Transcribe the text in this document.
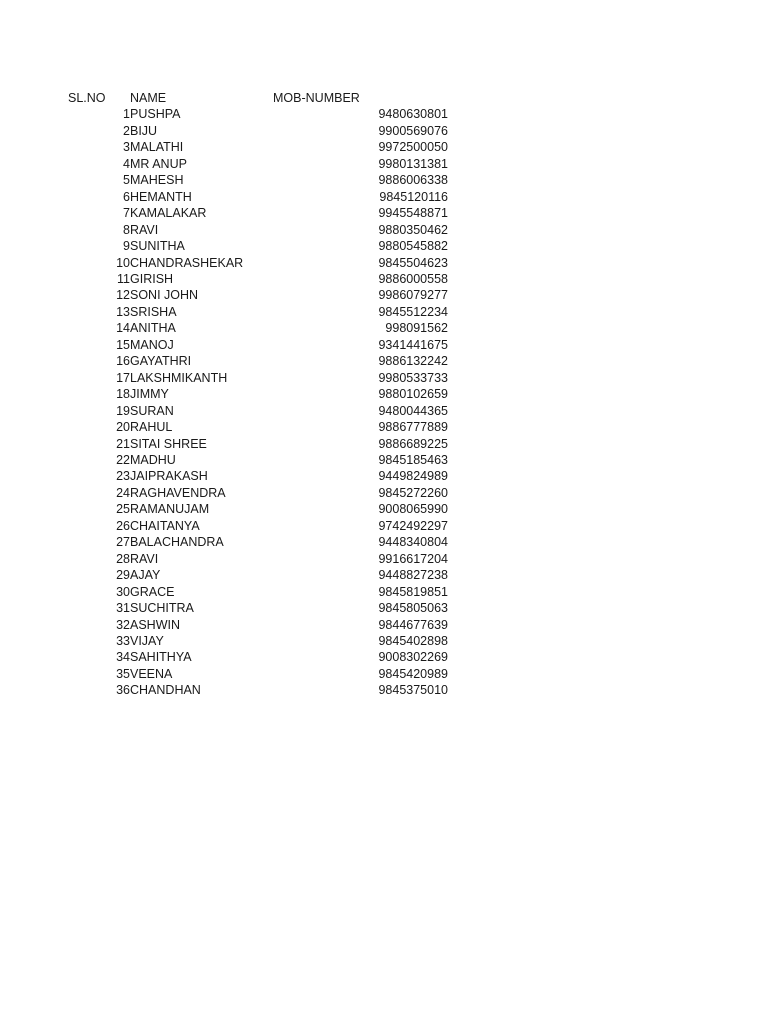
SL.NO	NAME	MOB-NUMBER
1	PUSHPA	9480630801
2	BIJU	9900569076
3	MALATHI	9972500050
4	MR ANUP	9980131381
5	MAHESH	9886006338
6	HEMANTH	9845120116
7	KAMALAKAR	9945548871
8	RAVI	9880350462
9	SUNITHA	9880545882
10	CHANDRASHEKAR	9845504623
11	GIRISH	9886000558
12	SONI JOHN	9986079277
13	SRISHA	9845512234
14	ANITHA	998091562
15	MANOJ	9341441675
16	GAYATHRI	9886132242
17	LAKSHMIKANTH	9980533733
18	JIMMY	9880102659
19	SURAN	9480044365
20	RAHUL	9886777889
21	SITAI SHREE	9886689225
22	MADHU	9845185463
23	JAIPRAKASH	9449824989
24	RAGHAVENDRA	9845272260
25	RAMANUJAM	9008065990
26	CHAITANYA	9742492297
27	BALACHANDRA	9448340804
28	RAVI	9916617204
29	AJAY	9448827238
30	GRACE	9845819851
31	SUCHITRA	9845805063
32	ASHWIN	9844677639
33	VIJAY	9845402898
34	SAHITHYA	9008302269
35	VEENA	9845420989
36	CHANDHAN	9845375010
